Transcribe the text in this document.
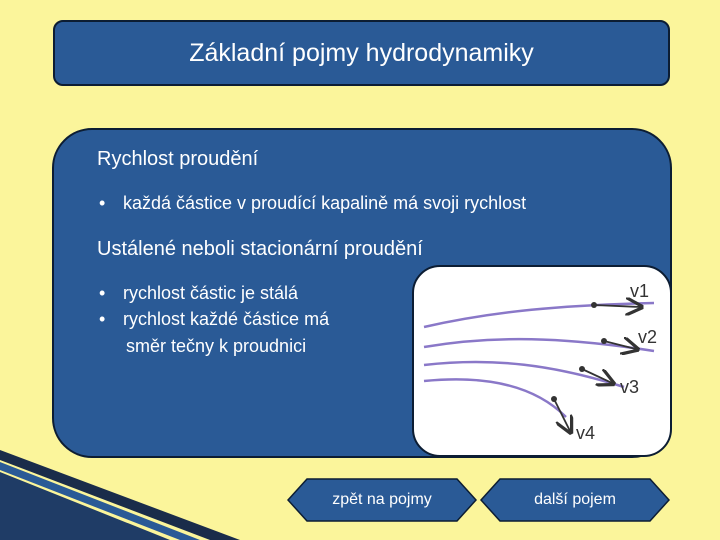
Základní pojmy hydrodynamiky
Rychlost proudění
• každá částice v proudící kapalině má svoji rychlost
Ustálené neboli stacionární proudění
• rychlost částic je stálá
• rychlost každé částice má
směr tečny k proudnici
v1
v2
v3
v4
zpět na pojmy	další pojem
